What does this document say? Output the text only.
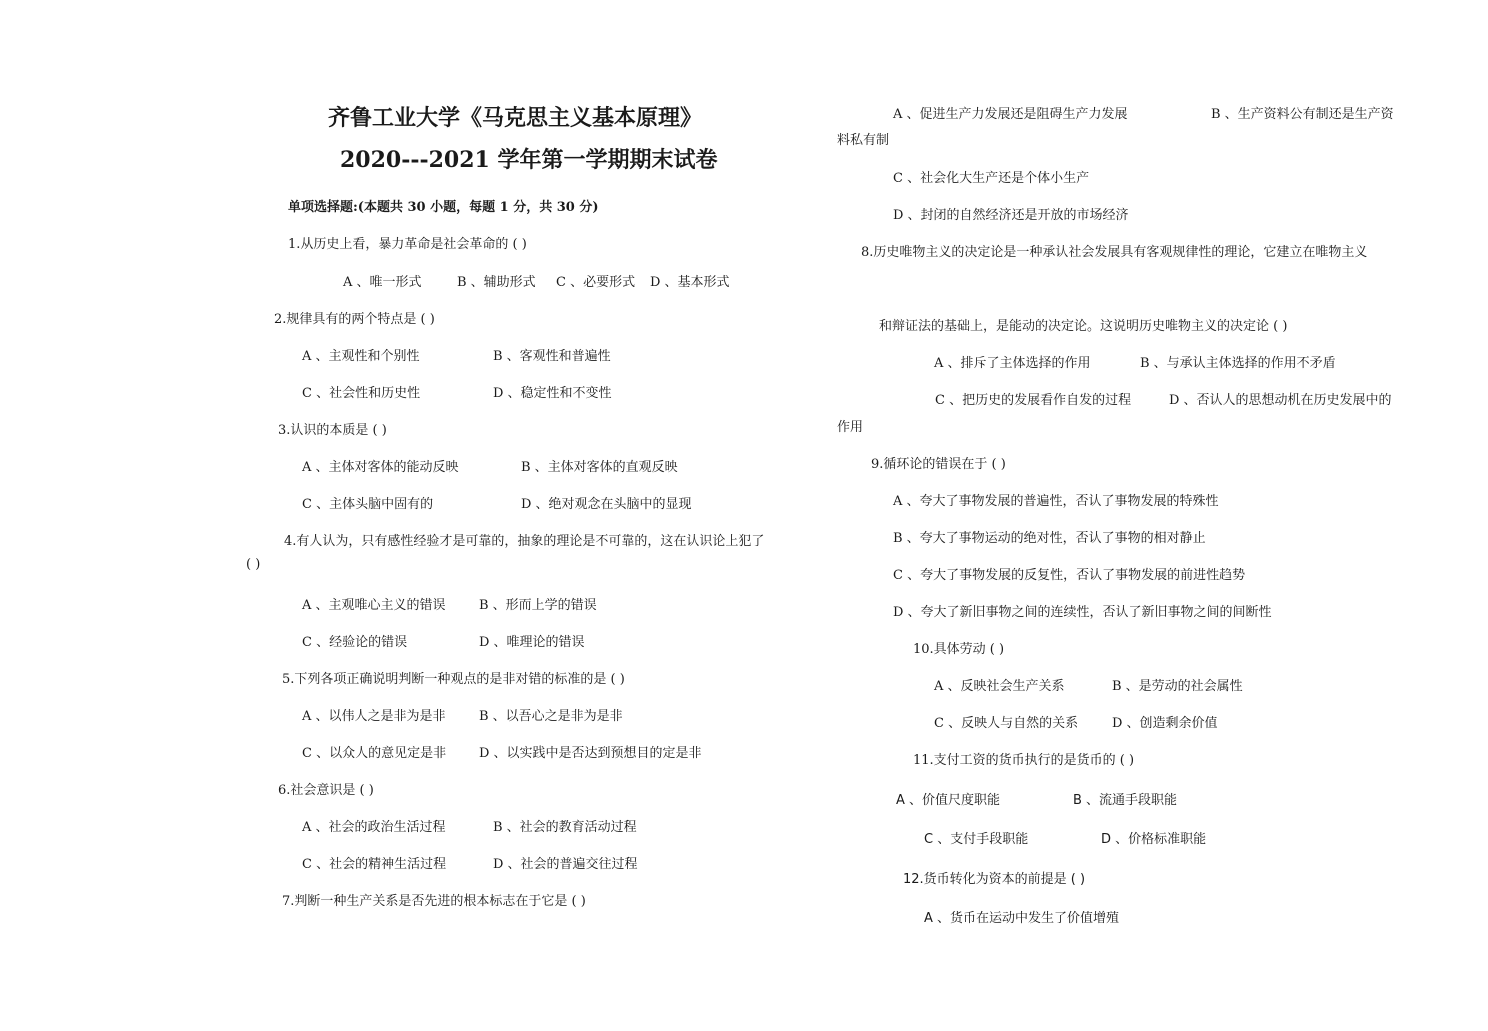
齐鲁工业大学《马克思主义基本原理》
2020---2021 学年第一学期期末试卷
单项选择题:(本题共 30 小题，每题 1 分，共 30 分)
1.从历史上看，暴力革命是社会革命的 ( )
A 、唯一形式	B 、辅助形式 C 、必要形式 D 、基本形式
2.规律具有的两个特点是 ( )
A 、主观性和个别性	B 、客观性和普遍性
C 、社会性和历史性	D 、稳定性和不变性
3.认识的本质是 ( )
A 、主体对客体的能动反映	B 、主体对客体的直观反映
C 、主体头脑中固有的	D 、绝对观念在头脑中的显现
4.有人认为，只有感性经验才是可靠的，抽象的理论是不可靠的，这在认识论上犯了
( )
A 、主观唯心主义的错误	B 、形而上学的错误
C 、经验论的错误	D 、唯理论的错误
5.下列各项正确说明判断一种观点的是非对错的标准的是 ( )
A 、以伟人之是非为是非	B 、以吾心之是非为是非
C 、以众人的意见定是非	D 、以实践中是否达到预想目的定是非
6.社会意识是 ( )
A 、社会的政治生活过程	B 、社会的教育活动过程
C 、社会的精神生活过程	D 、社会的普遍交往过程
7.判断一种生产关系是否先进的根本标志在于它是 ( )
A 、促进生产力发展还是阻碍生产力发展	B 、生产资料公有制还是生产资
料私有制
C 、社会化大生产还是个体小生产
D 、封闭的自然经济还是开放的市场经济
8.历史唯物主义的决定论是一种承认社会发展具有客观规律性的理论，它建立在唯物主义
和辩证法的基础上，是能动的决定论。这说明历史唯物主义的决定论 ( )
A 、排斥了主体选择的作用	B 、与承认主体选择的作用不矛盾
C 、把历史的发展看作自发的过程	D 、否认人的思想动机在历史发展中的
作用
9.循环论的错误在于 ( )
A 、夸大了事物发展的普遍性，否认了事物发展的特殊性
B 、夸大了事物运动的绝对性，否认了事物的相对静止
C 、夸大了事物发展的反复性，否认了事物发展的前进性趋势
D 、夸大了新旧事物之间的连续性，否认了新旧事物之间的间断性
10.具体劳动 ( )
A 、反映社会生产关系	B 、是劳动的社会属性
C 、反映人与自然的关系	D 、创造剩余价值
11.支付工资的货币执行的是货币的 ( )
A 、价值尺度职能	B 、流通手段职能
C 、支付手段职能	D 、价格标准职能
12.货币转化为资本的前提是 ( )
A 、货币在运动中发生了价值增殖
